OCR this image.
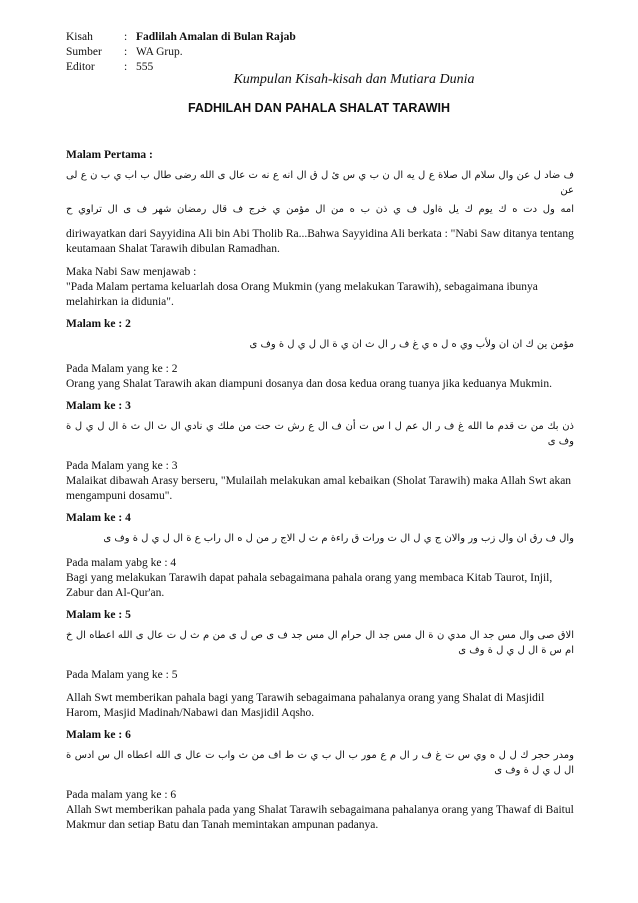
Kisah	: Fadlilah Amalan di Bulan Rajab
Sumber	: WA Grup.
Editor	: 555
Kumpulan Kisah-kisah dan Mutiara Dunia
FADHILAH DAN PAHALA SHALAT TARAWIH

Malam Pertama :

ف ضاد ل عن وال سلام ال صلاة ع ل يه ال ن ب ي س ئ ل ق ال انه ع نه ت عال ى الله رضى طال ب اب ي ب ن ع لى عن

امه ول دت ه ك يوم ك يل ةاول ف ي ذن ب ه من ال مؤمن ي خرج ف قال رمضان شهر ف ى ال تراوي ح

diriwayatkan dari Sayyidina Ali bin Abi Tholib Ra...Bahwa Sayyidina Ali berkata : "Nabi Saw ditanya tentang keutamaan Shalat Tarawih dibulan Ramadhan.

Maka Nabi Saw menjawab :
"Pada Malam pertama keluarlah dosa Orang Mukmin (yang melakukan Tarawih), sebagaimana ibunya melahirkan ia didunia".

Malam ke : 2

مؤمن ين ك ان ان ولأب وي ه ل ه ي غ ف ر ال ث ان ي ة ال ل ي ل ة وف ى

Pada Malam yang ke : 2
Orang yang Shalat Tarawih akan diampuni dosanya dan dosa kedua orang tuanya jika keduanya Mukmin.

Malam ke : 3

ذن بك من ت قدم ما الله غ ف ر ال عم ل ا س ت أن ف ال ع رش ت حت من ملك ي نادي ال ث ال ث ة ال ل ي ل ة وف ى

Pada Malam yang ke : 3
Malaikat dibawah Arasy berseru, "Mulailah melakukan amal kebaikan (Sholat Tarawih) maka Allah Swt akan mengampuni dosamu".

Malam ke : 4

وال ف رق ان وال زب ور والان ج ي ل ال ت ورات ق راءة م ث ل الاج ر من ل ه ال راب ع ة ال ل ي ل ة وف ى

Pada malam yabg ke : 4
Bagi yang melakukan Tarawih dapat pahala sebagaimana pahala orang yang membaca Kitab Taurot, Injil, Zabur dan Al-Qur'an.

Malam ke : 5

الاق صى وال مس جد ال مدي ن ة ال مس جد ال حرام ال مس جد ف ى ص ل ى من م ث ل ت عال ى الله اعطاه ال خ ام س ة ال ل ي ل ة وف ى

Pada Malam yang ke : 5

Allah Swt memberikan pahala bagi yang Tarawih sebagaimana pahalanya orang yang Shalat di Masjidil Harom, Masjid Madinah/Nabawi dan Masjidil Aqsho.

Malam ke : 6

ومدر حجر ك ل ل ه وي س ت غ ف ر ال م ع مور ب ال ب ي ت ط اف من ث واب ت عال ى الله اعطاه ال س ادس ة ال ل ي ل ة وف ى

Pada malam yang ke : 6
Allah Swt memberikan pahala pada yang Shalat Tarawih sebagaimana pahalanya orang yang Thawaf di Baitul Makmur dan setiap Batu dan Tanah memintakan ampunan padanya.
